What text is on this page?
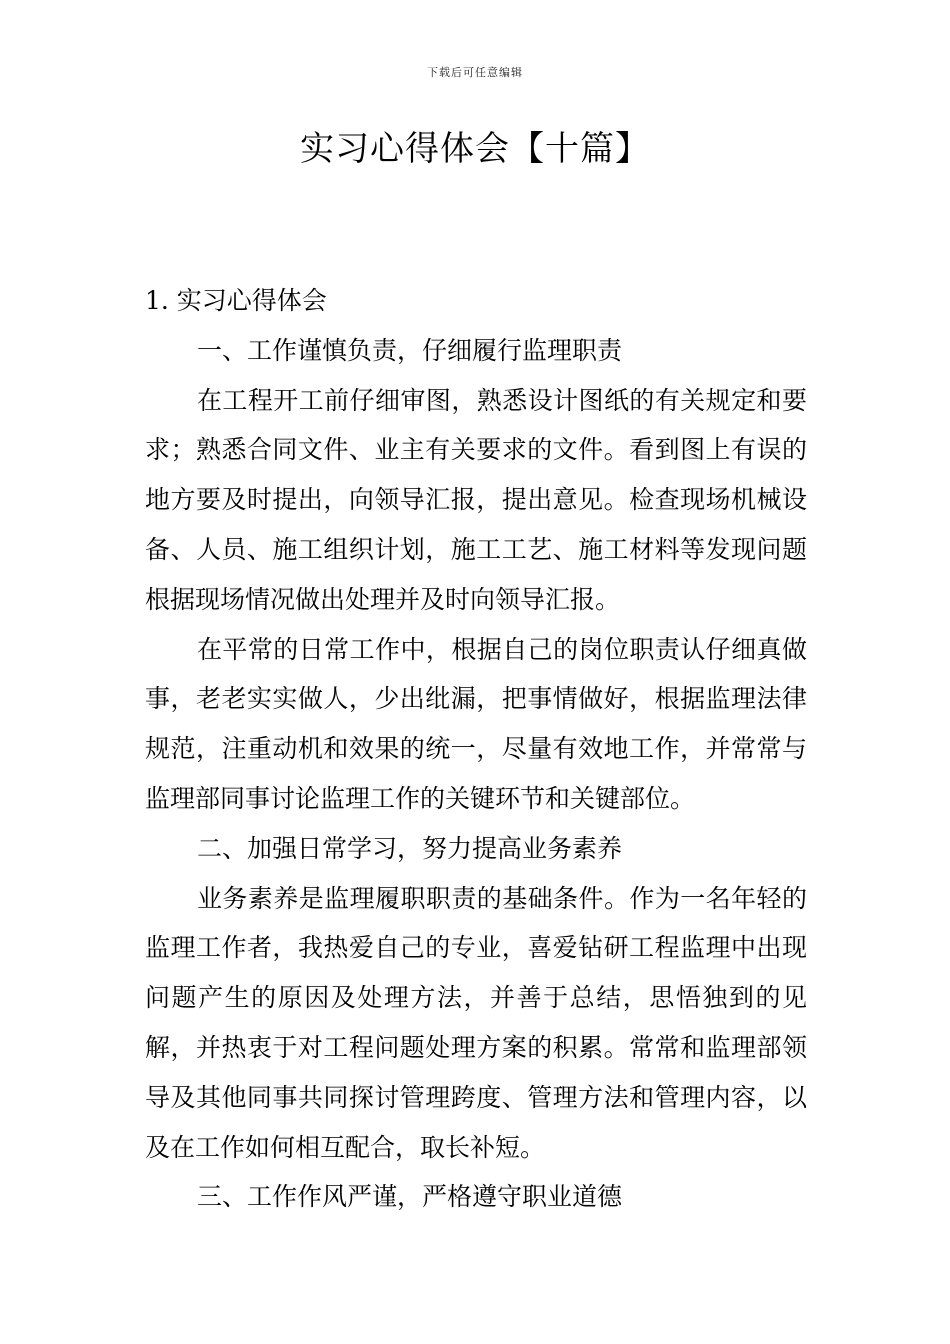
下载后可任意编辑
实习心得体会【十篇】

1. 实习心得体会

一、工作谨慎负责，仔细履行监理职责

在工程开工前仔细审图，熟悉设计图纸的有关规定和要求；熟悉合同文件、业主有关要求的文件。看到图上有误的地方要及时提出，向领导汇报，提出意见。检查现场机械设备、人员、施工组织计划，施工工艺、施工材料等发现问题根据现场情况做出处理并及时向领导汇报。

在平常的日常工作中，根据自己的岗位职责认仔细真做事，老老实实做人，少出纰漏，把事情做好，根据监理法律规范，注重动机和效果的统一，尽量有效地工作，并常常与监理部同事讨论监理工作的关键环节和关键部位。

二、加强日常学习，努力提高业务素养

业务素养是监理履职职责的基础条件。作为一名年轻的监理工作者，我热爱自己的专业，喜爱钻研工程监理中出现问题产生的原因及处理方法，并善于总结，思悟独到的见解，并热衷于对工程问题处理方案的积累。常常和监理部领导及其他同事共同探讨管理跨度、管理方法和管理内容，以及在工作如何相互配合，取长补短。

三、工作作风严谨，严格遵守职业道德
